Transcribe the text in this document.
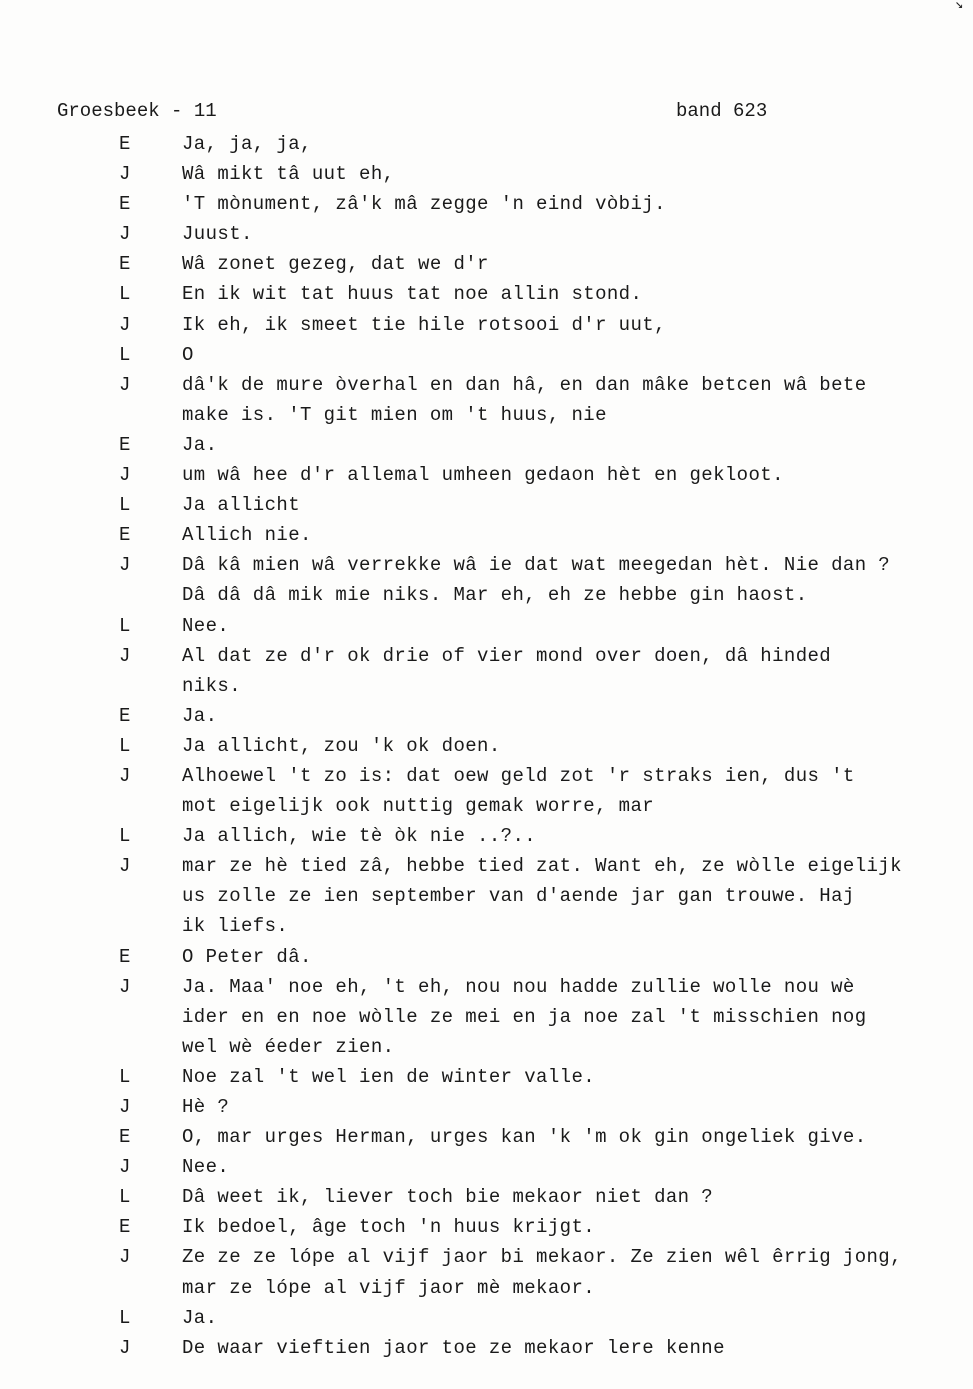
↘
Groesbeek - 11	band 623
E	Ja, ja, ja,
J	Wâ mikt tâ uut eh,
E	'T mònument, zâ'k mâ zegge 'n eind vòbij.
J	Juust.
E	Wâ zonet gezeg, dat we d'r
L	En ik wit tat huus tat noe allin stond.
J	Ik eh, ik smeet tie hile rotsooi d'r uut,
L	O
J	dâ'k de mure òverhal en dan hâ, en dan mâke betcen wâ bete
make is. 'T git mien om 't huus, nie
E	Ja.
J	um wâ hee d'r allemal umheen gedaon hèt en gekloot.
L	Ja allicht
E	Allich nie.
J	Dâ kâ mien wâ verrekke wâ ie dat wat meegedan hèt. Nie dan ?
Dâ dâ dâ mik mie niks. Mar eh, eh ze hebbe gin haost.
L	Nee.
J	Al dat ze d'r ok drie of vier mond over doen, dâ hinded
niks.
E	Ja.
L	Ja allicht, zou 'k ok doen.
J	Alhoewel 't zo is: dat oew geld zot 'r straks ien, dus 't
mot eigelijk ook nuttig gemak worre, mar
L	Ja allich, wie tè òk nie ..?..
J	mar ze hè tied zâ, hebbe tied zat. Want eh, ze wòlle eigelijk
us zolle ze ien september van d'aende jar gan trouwe. Haj
ik liefs.
E	O Peter dâ.
J	Ja. Maa' noe eh, 't eh, nou nou hadde zullie wolle nou wè
ider en en noe wòlle ze mei en ja noe zal 't misschien nog
wel wè éeder zien.
L	Noe zal 't wel ien de winter valle.
J	Hè ?
E	O, mar urges Herman, urges kan 'k 'm ok gin ongeliek give.
J	Nee.
L	Dâ weet ik, liever toch bie mekaor niet dan ?
E	Ik bedoel, âge toch 'n huus krijgt.
J	Ze ze ze lópe al vijf jaor bi mekaor. Ze zien wêl êrrig jong,
mar ze lópe al vijf jaor mè mekaor.
L	Ja.
J	De waar vieftien jaor toe ze mekaor lere kenne
